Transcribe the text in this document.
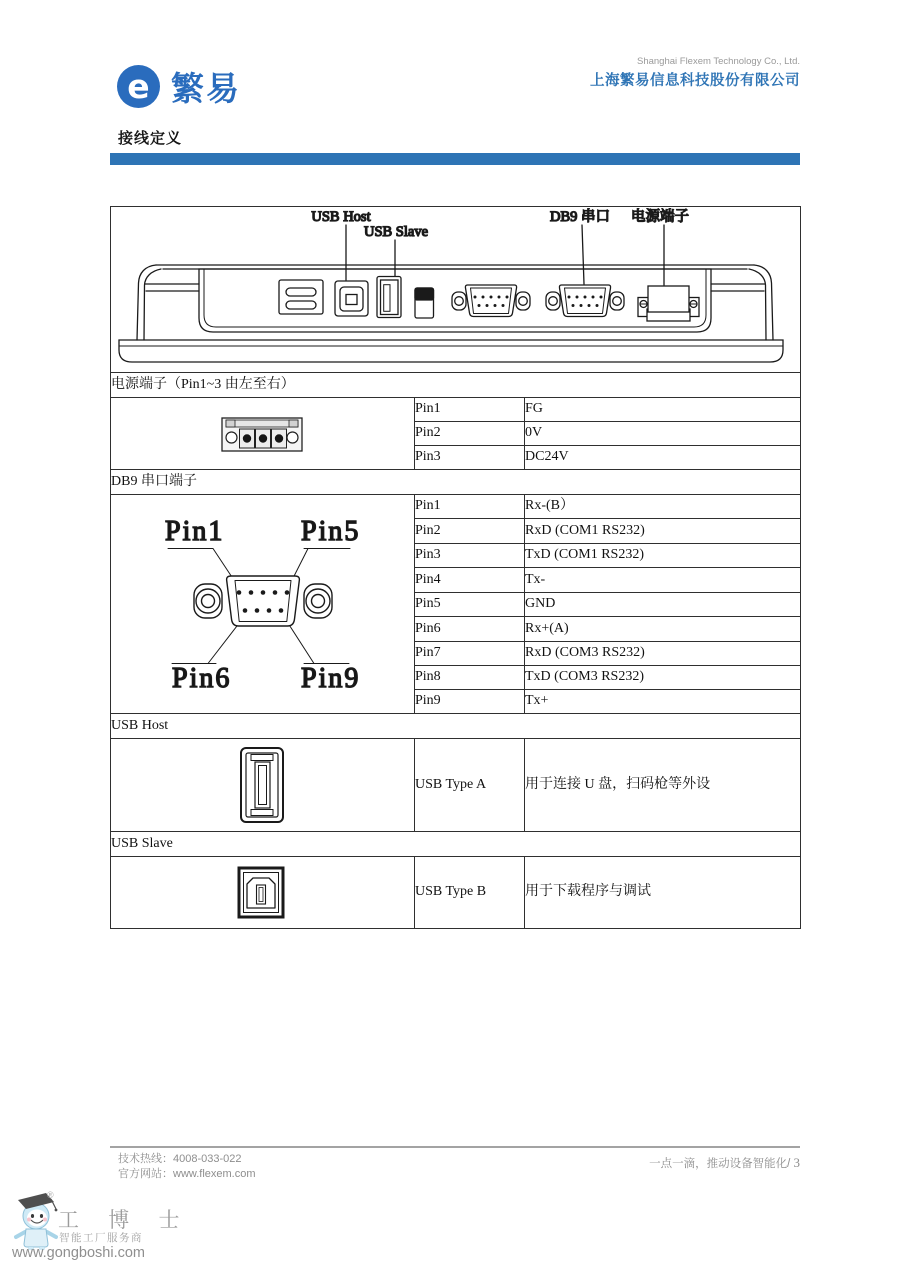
e 繁易
Shanghai Flexem Technology Co., Ltd.
上海繁易信息科技股份有限公司
接线定义
USB Host
USB Slave
DB9 串口 电源端子		

电源端子（Pin1~3 由左至右）		

	Pin1	FG
	Pin2	0V
	Pin3	DC24V
DB9 串口端子		

Pin1 Pin5
Pin6 Pin9	Pin1	Rx-(B）
	Pin2	RxD (COM1 RS232)
	Pin3	TxD (COM1 RS232)
	Pin4	Tx-
	Pin5	GND
	Pin6	Rx+(A)
	Pin7	RxD (COM3 RS232)
	Pin8	TxD (COM3 RS232)
	Pin9	Tx+
USB Host		

	USB Type A	用于连接 U 盘，扫码枪等外设
USB Slave		

	USB Type B	用于下载程序与调试
技术热线：4008-033-022
官方网站：www.flexem.com
一点一滴，推动设备智能化/ 3
®
工 博 士
智能工厂服务商
www.gongboshi.com
